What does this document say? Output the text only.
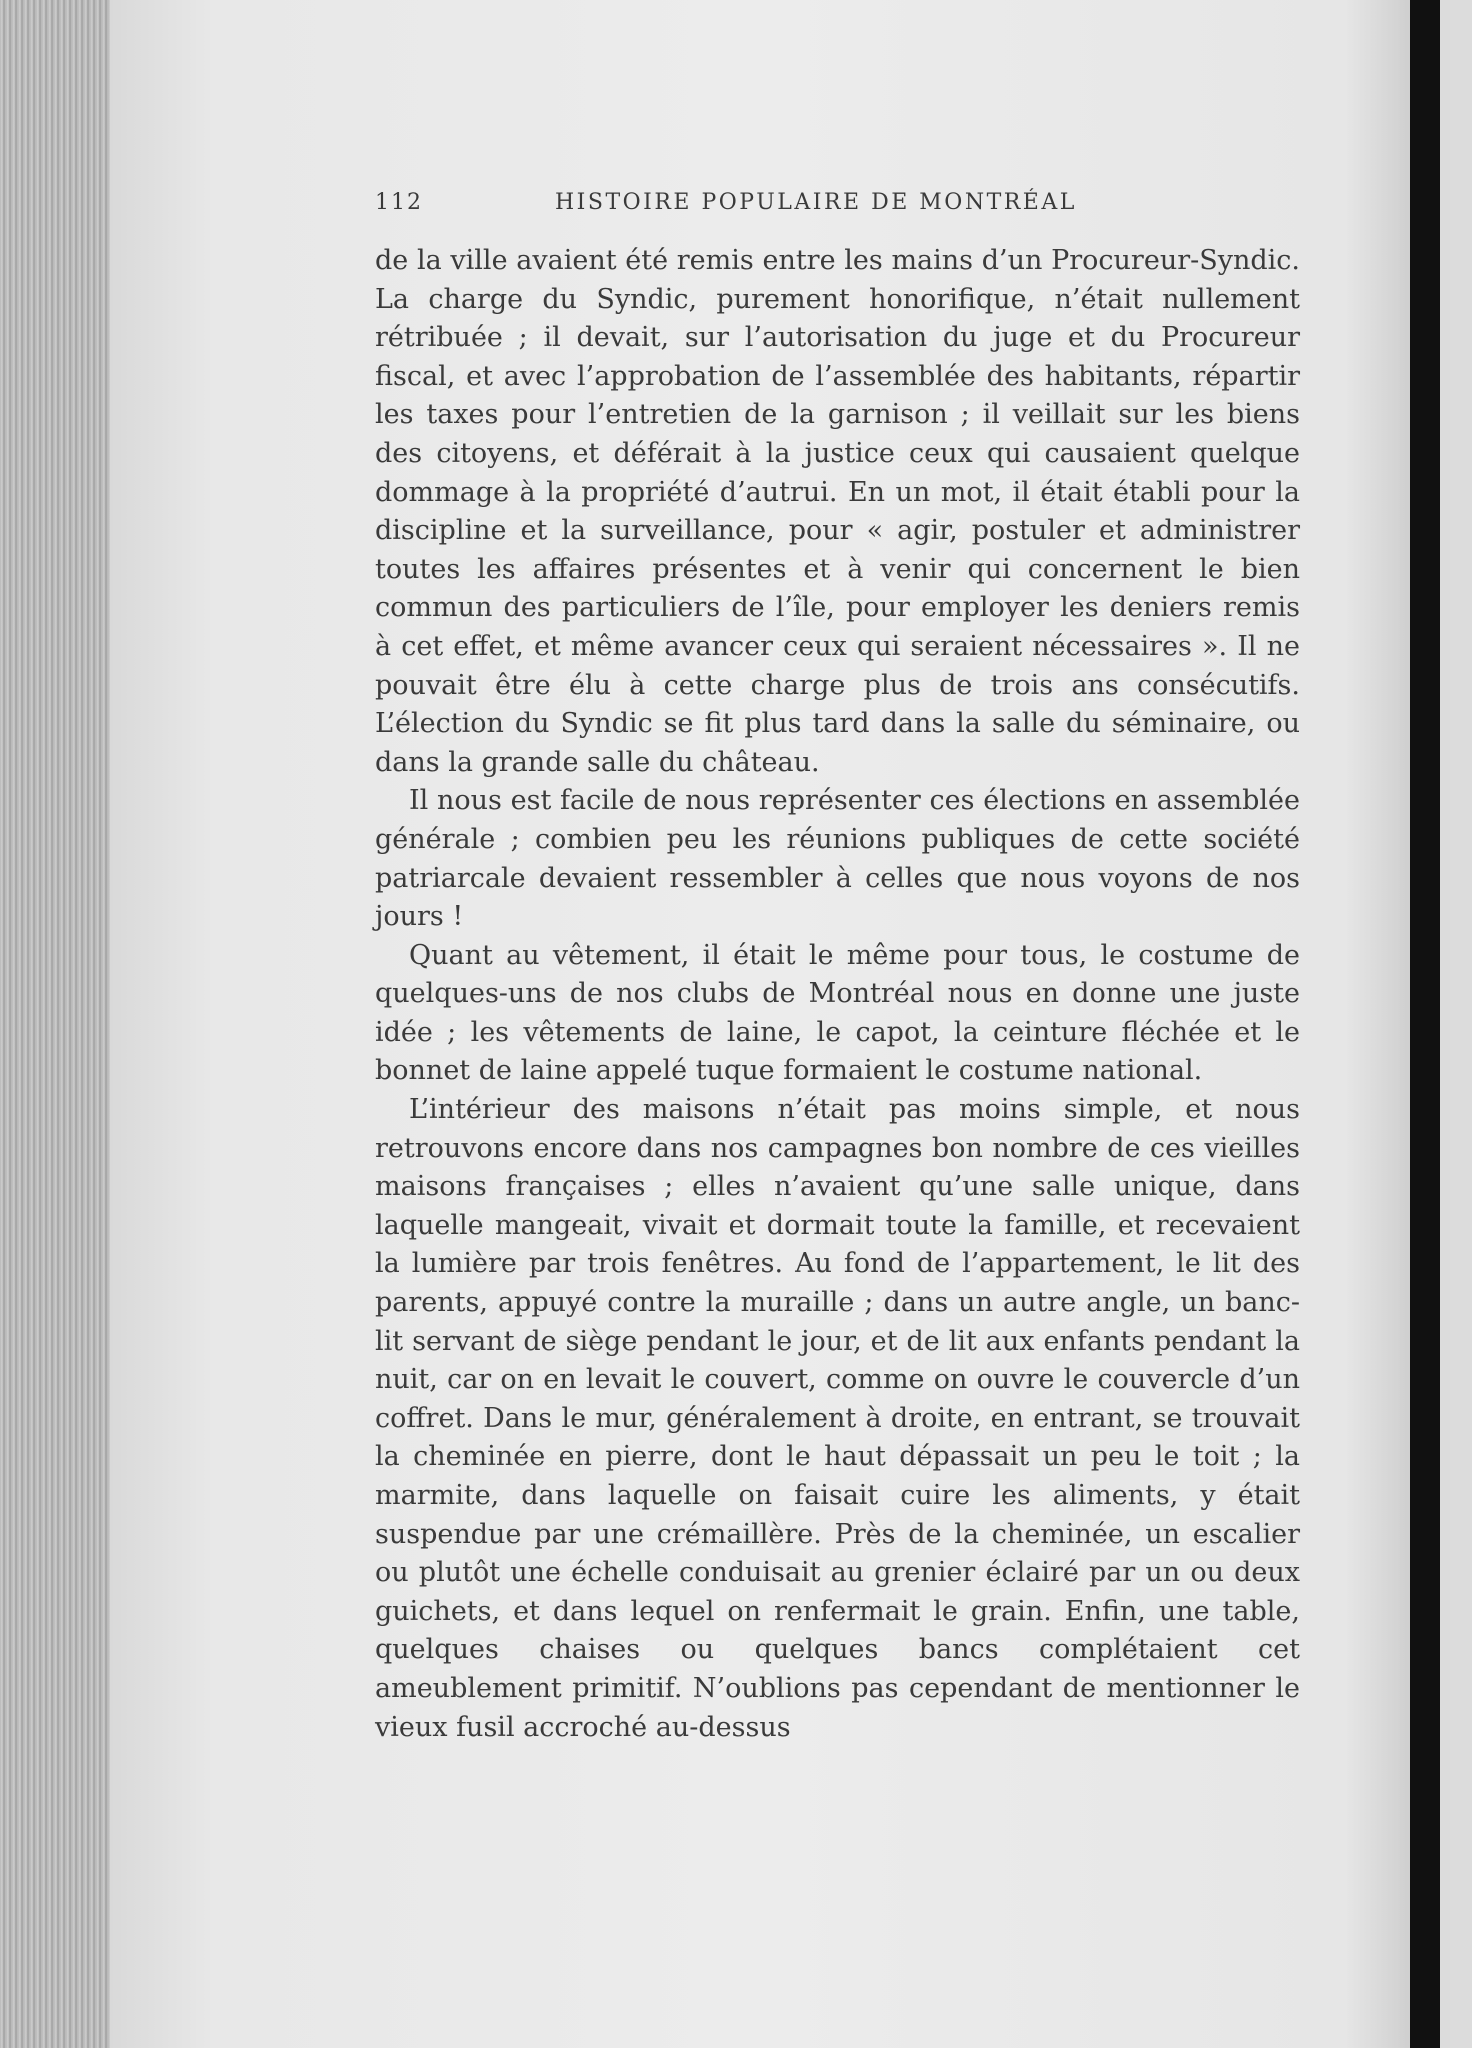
112	HISTOIRE POPULAIRE DE MONTRÉAL

de la ville avaient été remis entre les mains d’un Procureur-Syndic. La charge du Syndic, purement honorifique, n’était nullement rétribuée ; il devait, sur l’autorisation du juge et du Procureur fiscal, et avec l’approbation de l’assemblée des habitants, répartir les taxes pour l’entretien de la garnison ; il veillait sur les biens des citoyens, et déférait à la justice ceux qui causaient quelque dommage à la propriété d’autrui. En un mot, il était établi pour la discipline et la surveillance, pour « agir, postuler et administrer toutes les affaires présentes et à venir qui concernent le bien commun des particuliers de l’île, pour employer les deniers remis à cet effet, et même avancer ceux qui seraient nécessaires ». Il ne pouvait être élu à cette charge plus de trois ans consécutifs. L’élection du Syndic se fit plus tard dans la salle du séminaire, ou dans la grande salle du château.

Il nous est facile de nous représenter ces élections en assemblée générale ; combien peu les réunions publiques de cette société patriarcale devaient ressembler à celles que nous voyons de nos jours !

Quant au vêtement, il était le même pour tous, le costume de quelques-uns de nos clubs de Montréal nous en donne une juste idée ; les vêtements de laine, le capot, la ceinture fléchée et le bonnet de laine appelé tuque formaient le costume national.

L’intérieur des maisons n’était pas moins simple, et nous retrouvons encore dans nos campagnes bon nombre de ces vieilles maisons françaises ; elles n’avaient qu’une salle unique, dans laquelle mangeait, vivait et dormait toute la famille, et recevaient la lumière par trois fenêtres. Au fond de l’appartement, le lit des parents, appuyé contre la muraille ; dans un autre angle, un banc-lit servant de siège pendant le jour, et de lit aux enfants pendant la nuit, car on en levait le couvert, comme on ouvre le couvercle d’un coffret. Dans le mur, généralement à droite, en entrant, se trouvait la cheminée en pierre, dont le haut dépassait un peu le toit ; la marmite, dans laquelle on faisait cuire les aliments, y était suspendue par une crémaillère. Près de la cheminée, un escalier ou plutôt une échelle conduisait au grenier éclairé par un ou deux guichets, et dans lequel on renfermait le grain. Enfin, une table, quelques chaises ou quelques bancs complétaient cet ameublement primitif. N’oublions pas cependant de mentionner le vieux fusil accroché au-dessus
